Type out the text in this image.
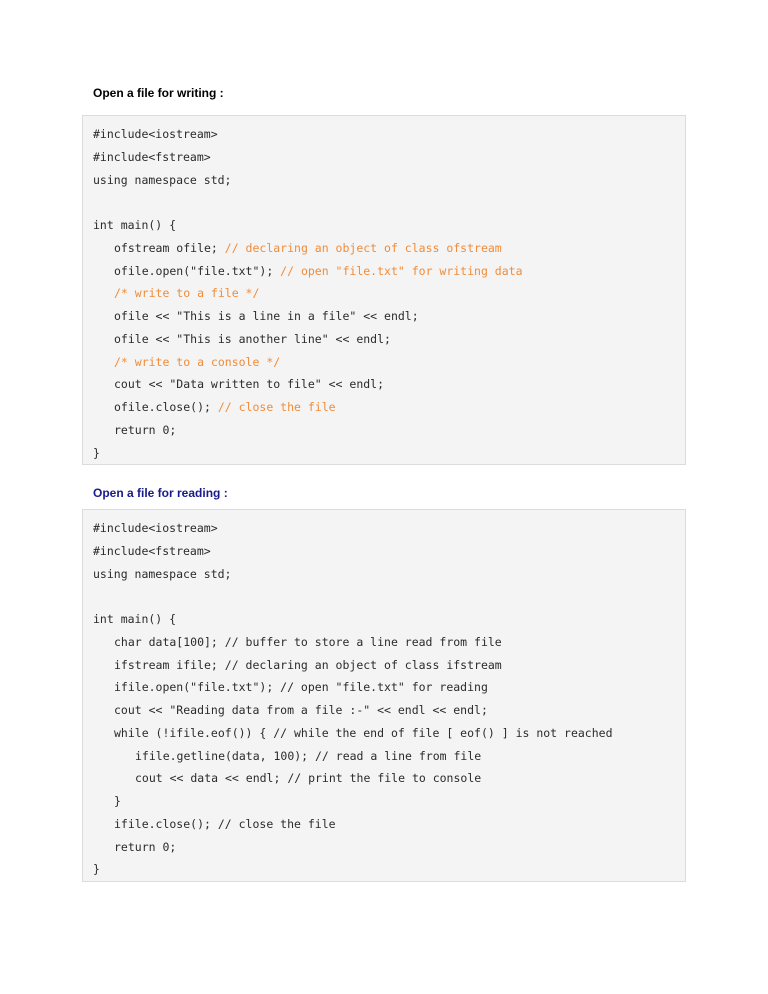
Open a file for writing :
#include<iostream>
#include<fstream>
using namespace std;
int main() {
ofstream ofile; // declaring an object of class ofstream
ofile.open("file.txt"); // open "file.txt" for writing data
/* write to a file */
ofile << "This is a line in a file" << endl;
ofile << "This is another line" << endl;
/* write to a console */
cout << "Data written to file" << endl;
ofile.close(); // close the file
return 0;
}
Open a file for reading :
#include<iostream>
#include<fstream>
using namespace std;
int main() {
char data[100]; // buffer to store a line read from file
ifstream ifile; // declaring an object of class ifstream
ifile.open("file.txt"); // open "file.txt" for reading
cout << "Reading data from a file :-" << endl << endl;
while (!ifile.eof()) { // while the end of file [ eof() ] is not reached
ifile.getline(data, 100); // read a line from file
cout << data << endl; // print the file to console
}
ifile.close(); // close the file
return 0;
}
